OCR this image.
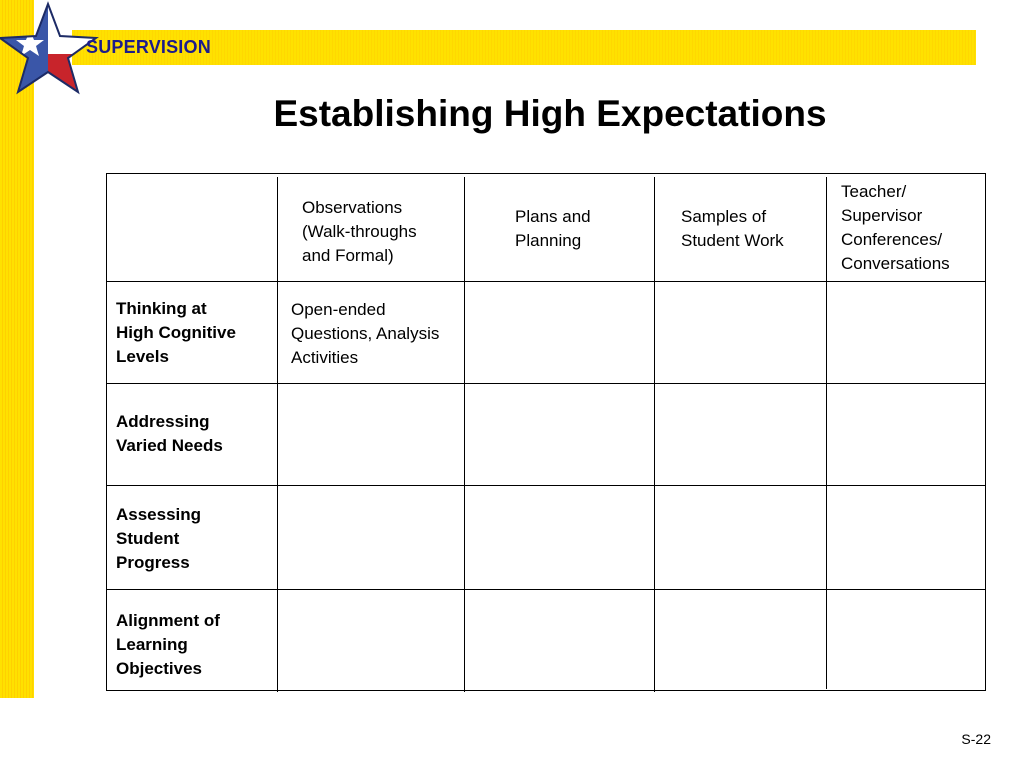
SUPERVISION
Establishing High Expectations
Observations
(Walk-throughs
and Formal)
Plans and
Planning
Samples of
Student Work
Teacher/
Supervisor
Conferences/
Conversations
Thinking at
High Cognitive
Levels
Addressing
Varied Needs
Assessing
Student
Progress
Alignment of
Learning
Objectives
Open-ended
Questions, Analysis
Activities
S-22
